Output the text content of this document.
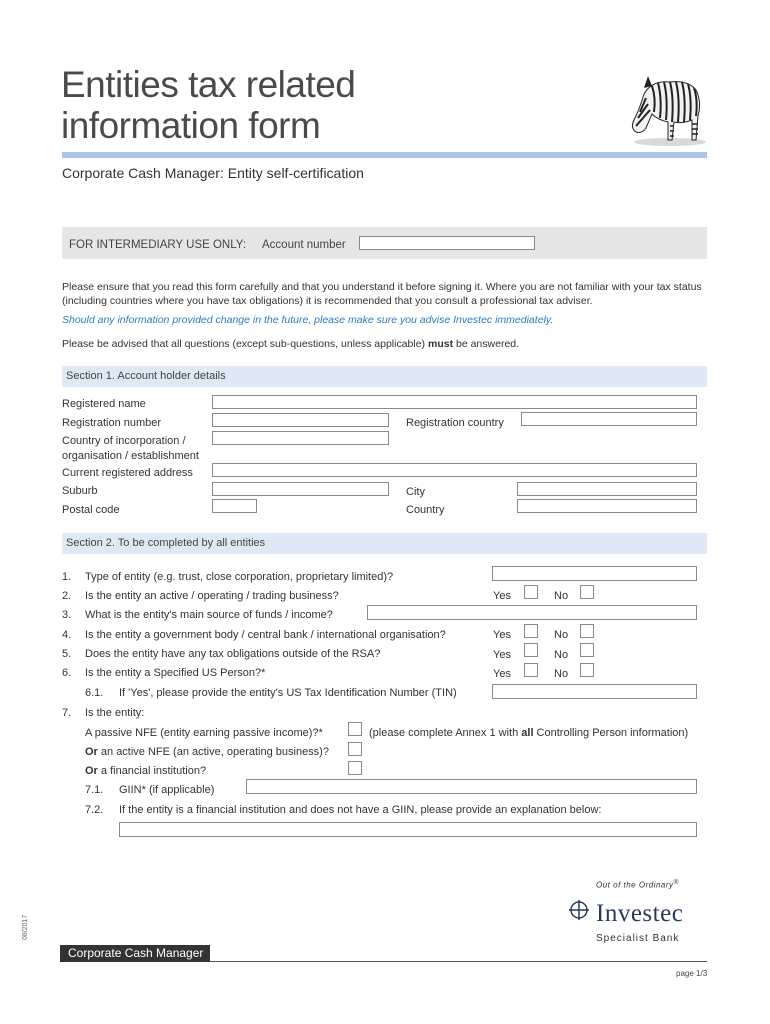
Entities tax related
information form
Corporate Cash Manager: Entity self-certification
FOR INTERMEDIARY USE ONLY: Account number
Please ensure that you read this form carefully and that you understand it before signing it. Where you are not familiar with your tax status (including countries where you have tax obligations) it is recommended that you consult a professional tax adviser.
Should any information provided change in the future, please make sure you advise Investec immediately.
Please be advised that all questions (except sub-questions, unless applicable) must be answered.
Section 1. Account holder details
Registered name
Registration number	Registration country
Country of incorporation /
organisation / establishment
Current registered address
Suburb	City
Postal code	Country
Section 2. To be completed by all entities
1. Type of entity (e.g. trust, close corporation, proprietary limited)?
2. Is the entity an active / operating / trading business?	Yes	No
3. What is the entity's main source of funds / income?
4. Is the entity a government body / central bank / international organisation?	Yes	No
5. Does the entity have any tax obligations outside of the RSA?	Yes	No
6. Is the entity a Specified US Person?*	Yes	No
6.1. If 'Yes', please provide the entity's US Tax Identification Number (TIN)
7. Is the entity:
A passive NFE (entity earning passive income)?*	(please complete Annex 1 with all Controlling Person information)
Or an active NFE (an active, operating business)?
Or a financial institution?
7.1. GIIN* (if applicable)
7.2. If the entity is a financial institution and does not have a GIIN, please provide an explanation below:
Out of the Ordinary®
Investec
Specialist Bank
08/2017
Corporate Cash Manager
page 1/3
